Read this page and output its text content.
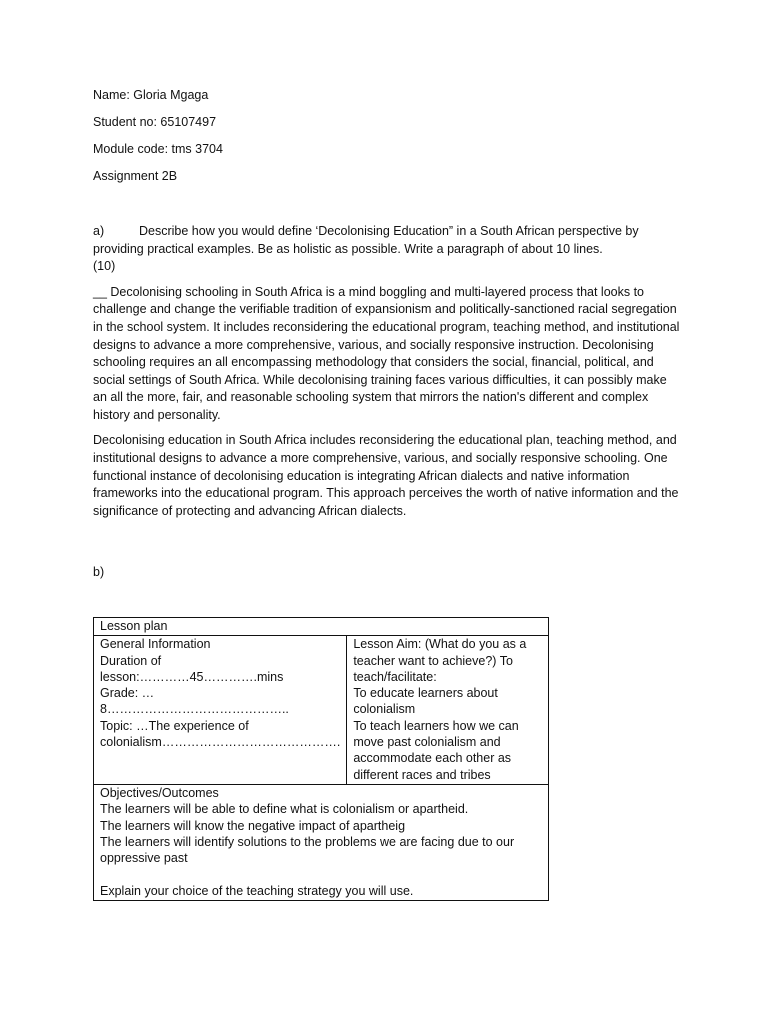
Name: Gloria Mgaga

Student no: 65107497

Module code: tms 3704

Assignment 2B

a)	Describe how you would define ‘Decolonising Education” in a South African perspective by providing practical examples. Be as holistic as possible. Write a paragraph of about 10 lines.

(10)

__ Decolonising schooling in South Africa is a mind boggling and multi-layered process that looks to challenge and change the verifiable tradition of expansionism and politically-sanctioned racial segregation in the school system. It includes reconsidering the educational program, teaching method, and institutional designs to advance a more comprehensive, various, and socially responsive instruction. Decolonising schooling requires an all encompassing methodology that considers the social, financial, political, and social settings of South Africa. While decolonising training faces various difficulties, it can possibly make an all the more, fair, and reasonable schooling system that mirrors the nation's different and complex history and personality.

Decolonising education in South Africa includes reconsidering the educational plan, teaching method, and institutional designs to advance a more comprehensive, various, and socially responsive schooling. One functional instance of decolonising education is integrating African dialects and native information frameworks into the educational program. This approach perceives the worth of native information and the significance of protecting and advancing African dialects.

b)

Lesson plan

General Information
Duration of
lesson:…………45………….mins
Grade: …8……………………………………..
Topic: …The experience of
colonialism…………………………………….

Lesson Aim: (What do you as a
teacher want to achieve?) To
teach/facilitate:
To educate learners about
colonialism
To teach learners how we can
move past colonialism and
accommodate each other as
different races and tribes

Objectives/Outcomes
The learners will be able to define what is colonialism or apartheid.
The learners will know the negative impact of apartheig
The learners will identify solutions to the problems we are facing due to our oppressive past
Explain your choice of the teaching strategy you will use.
